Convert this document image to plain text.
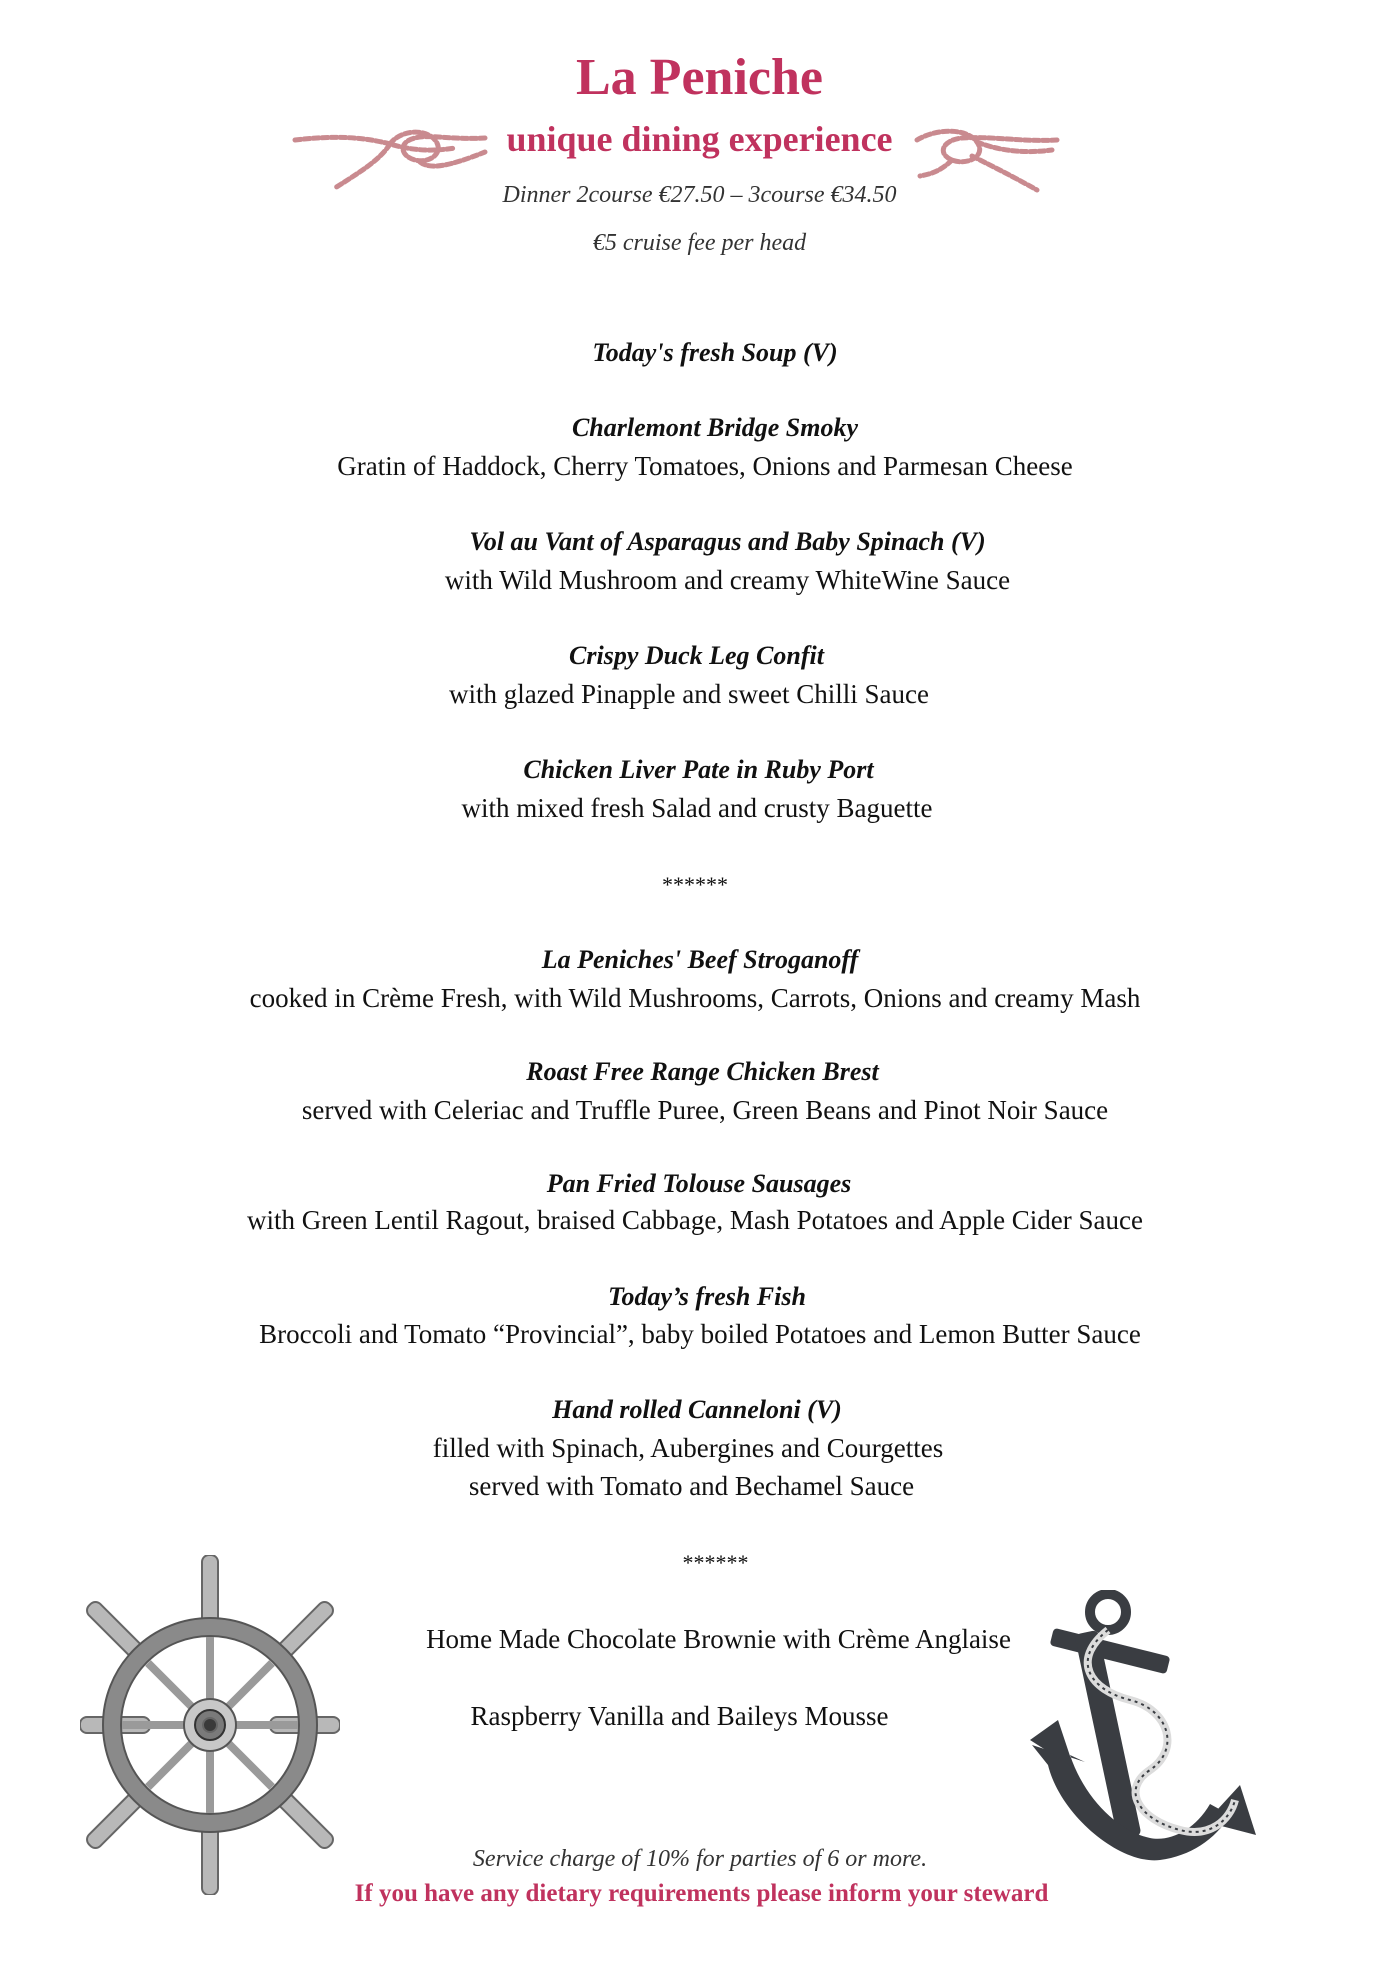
La Peniche
unique dining experience
Dinner 2course €27.50 – 3course €34.50
€5 cruise fee per head
Today's fresh Soup (V)
Charlemont Bridge Smoky
Gratin of Haddock, Cherry Tomatoes, Onions and Parmesan Cheese
Vol au Vant of Asparagus and Baby Spinach (V)
with Wild Mushroom and creamy WhiteWine Sauce
Crispy Duck Leg Confit
with glazed Pinapple and sweet Chilli Sauce
Chicken Liver Pate in Ruby Port
with mixed fresh Salad and crusty Baguette
******
La Peniches' Beef Stroganoff
cooked in Crème Fresh, with Wild Mushrooms, Carrots, Onions and creamy Mash
Roast Free Range Chicken Brest
served with Celeriac and Truffle Puree, Green Beans and Pinot Noir Sauce
Pan Fried Tolouse Sausages
with Green Lentil Ragout, braised Cabbage, Mash Potatoes and Apple Cider Sauce
Today’s fresh Fish
Broccoli and Tomato “Provincial”, baby boiled Potatoes and Lemon Butter Sauce
Hand rolled Canneloni (V)
filled with Spinach, Aubergines and Courgettes
served with Tomato and Bechamel Sauce
******
Home Made Chocolate Brownie with Crème Anglaise
Raspberry Vanilla and Baileys Mousse
Service charge of 10% for parties of 6 or more.
If you have any dietary requirements please inform your steward
